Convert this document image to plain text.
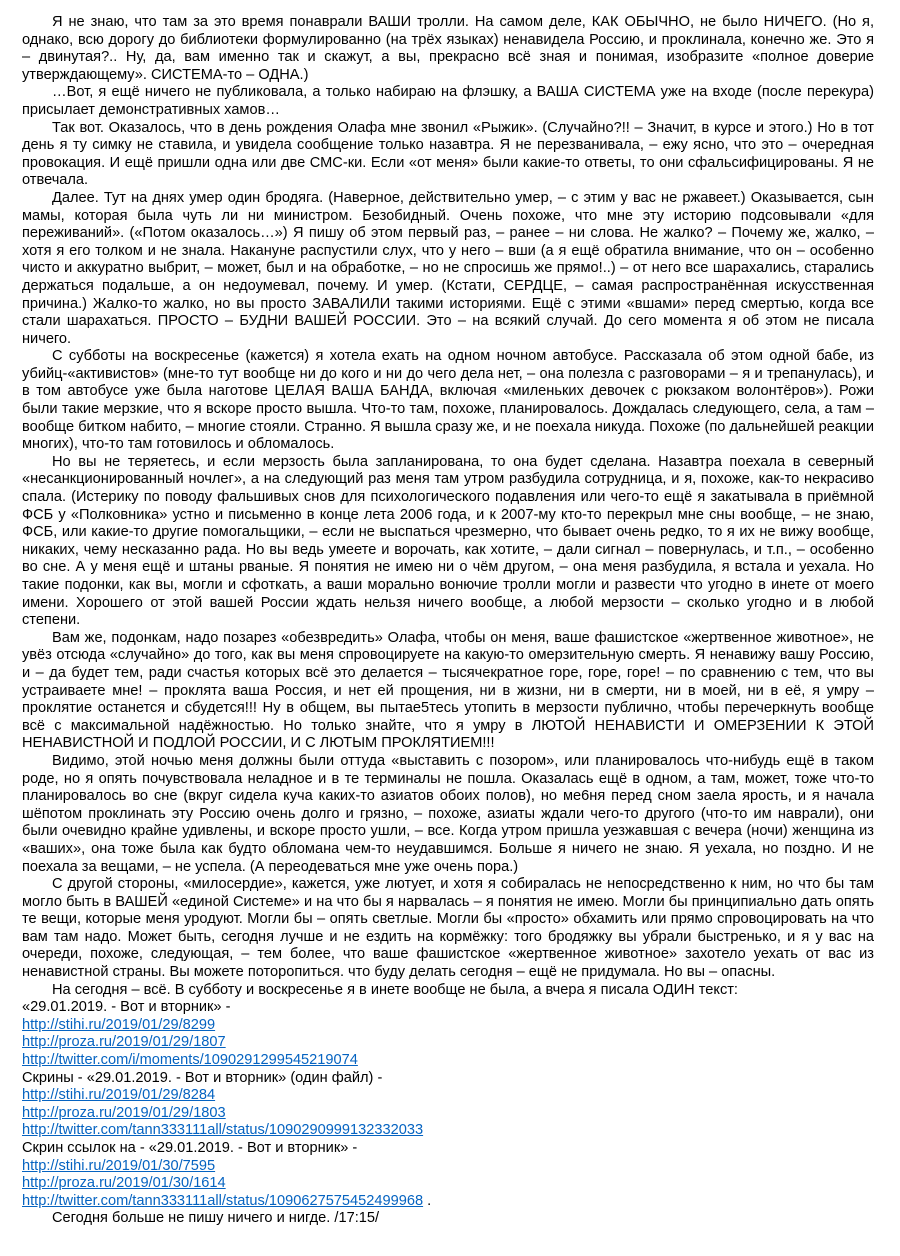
Я не знаю, что там за это время понаврали ВАШИ тролли. На самом деле, КАК ОБЫЧНО, не было НИЧЕГО. (Но я, однако, всю дорогу до библиотеки формулированно (на трёх языках) ненавидела Россию, и проклинала, конечно же. Это я – двинутая?.. Ну, да, вам именно так и скажут, а вы, прекрасно всё зная и понимая, изобразите «полное доверие утверждающему». СИСТЕМА-то – ОДНА.)

…Вот, я ещё ничего не публиковала, а только набираю на флэшку, а ВАША СИСТЕМА уже на входе (после перекура) присылает демонстративных хамов…

Так вот. Оказалось, что в день рождения Олафа мне звонил «Рыжик». (Случайно?!! – Значит, в курсе и этого.) Но в тот день я ту симку не ставила, и увидела сообщение только назавтра. Я не перезванивала, – ежу ясно, что это – очередная провокация. И ещё пришли одна или две СМС-ки. Если «от меня» были какие-то ответы, то они сфальсифицированы. Я не отвечала.

Далее. Тут на днях умер один бродяга. (Наверное, действительно умер, – с этим у вас не ржавеет.) Оказывается, сын мамы, которая была чуть ли ни министром. Безобидный. Очень похоже, что мне эту историю подсовывали «для переживаний». («Потом оказалось…») Я пишу об этом первый раз, – ранее – ни слова. Не жалко? – Почему же, жалко, – хотя я его толком и не знала. Накануне распустили слух, что у него – вши (а я ещё обратила внимание, что он – особенно чисто и аккуратно выбрит, – может, был и на обработке, – но не спросишь же прямо!..) – от него все шарахались, старались держаться подальше, а он недоумевал, почему. И умер. (Кстати, СЕРДЦЕ, – самая распространённая искусственная причина.) Жалко-то жалко, но вы просто ЗАВАЛИЛИ такими историями. Ещё с этими «вшами» перед смертью, когда все стали шарахаться. ПРОСТО – БУДНИ ВАШЕЙ РОССИИ. Это – на всякий случай. До сего момента я об этом не писала ничего.

С субботы на воскресенье (кажется) я хотела ехать на одном ночном автобусе. Рассказала об этом одной бабе, из убийц-«активистов» (мне-то тут вообще ни до кого и ни до чего дела нет, – она полезла с разговорами – я и трепанулась), и в том автобусе уже была наготове ЦЕЛАЯ ВАША БАНДА, включая «миленьких девочек с рюкзаком волонтёров»). Рожи были такие мерзкие, что я вскоре просто вышла. Что-то там, похоже, планировалось. Дождалась следующего, села, а там – вообще битком набито, – многие стояли. Странно. Я вышла сразу же, и не поехала никуда. Похоже (по дальнейшей реакции многих), что-то там готовилось и обломалось.

Но вы не теряетесь, и если мерзость была запланирована, то она будет сделана. Назавтра поехала в северный «несанкционированный ночлег», а на следующий раз меня там утром разбудила сотрудница, и я, похоже, как-то некрасиво спала. (Истерику по поводу фальшивых снов для психологического подавления или чего-то ещё я закатывала в приёмной ФСБ у «Полковника» устно и письменно в конце лета 2006 года, и к 2007-му кто-то перекрыл мне сны вообще, – не знаю, ФСБ, или какие-то другие помогальщики, – если не выспаться чрезмерно, что бывает очень редко, то я их не вижу вообще, никаких, чему несказанно рада. Но вы ведь умеете и ворочать, как хотите, – дали сигнал – повернулась, и т.п., – особенно во сне. А у меня ещё и штаны рваные. Я понятия не имею ни о чём другом, – она меня разбудила, я встала и уехала. Но такие подонки, как вы, могли и сфоткать, а ваши морально вонючие тролли могли и развести что угодно в инете от моего имени. Хорошего от этой вашей России ждать нельзя ничего вообще, а любой мерзости – сколько угодно и в любой степени.

Вам же, подонкам, надо позарез «обезвредить» Олафа, чтобы он меня, ваше фашистское «жертвенное животное», не увёз отсюда «случайно» до того, как вы меня спровоцируете на какую-то омерзительную смерть. Я ненавижу вашу Россию, и – да будет тем, ради счастья которых всё это делается – тысячекратное горе, горе, горе! – по сравнению с тем, что вы устраиваете мне! – проклята ваша Россия, и нет ей прощения, ни в жизни, ни в смерти, ни в моей, ни в её, я умру – проклятие останется и сбудется!!! Ну в общем, вы пытае5тесь утопить в мерзости публично, чтобы перечеркнуть вообще всё с максимальной надёжностью. Но только знайте, что я умру в ЛЮТОЙ НЕНАВИСТИ И ОМЕРЗЕНИИ К ЭТОЙ НЕНАВИСТНОЙ И ПОДЛОЙ РОССИИ, И С ЛЮТЫМ ПРОКЛЯТИЕМ!!!

Видимо, этой ночью меня должны были оттуда «выставить с позором», или планировалось что-нибудь ещё в таком роде, но я опять почувствовала неладное и в те терминалы не пошла. Оказалась ещё в одном, а там, может, тоже что-то планировалось во сне (вкруг сидела куча каких-то азиатов обоих полов), но ме6ня перед сном заела ярость, и я начала шёпотом проклинать эту Россию очень долго и грязно, – похоже, азиаты ждали чего-то другого (что-то им наврали), они были очевидно крайне удивлены, и вскоре просто ушли, – все. Когда утром пришла уезжавшая с вечера (ночи) женщина из «ваших», она тоже была как будто обломана чем-то неудавшимся. Больше я ничего не знаю. Я уехала, но поздно. И не поехала за вещами, – не успела. (А переодеваться мне уже очень пора.)

С другой стороны, «милосердие», кажется, уже лютует, и хотя я собиралась не непосредственно к ним, но что бы там могло быть в ВАШЕЙ «единой Системе» и на что бы я нарвалась – я понятия не имею. Могли бы принципиально дать опять те вещи, которые меня уродуют. Могли бы – опять светлые. Могли бы «просто» обхамить или прямо спровоцировать на что вам там надо. Может быть, сегодня лучше и не ездить на кормёжку: того бродяжку вы убрали быстренько, и я у вас на очереди, похоже, следующая, – тем более, что ваше фашистское «жертвенное животное» захотело уехать от вас из ненавистной страны. Вы можете поторопиться. что буду делать сегодня – ещё не придумала. Но вы – опасны.

На сегодня – всё. В субботу и воскресенье я в инете вообще не была, а вчера я писала ОДИН текст:

«29.01.2019. - Вот и вторник» -

http://stihi.ru/2019/01/29/8299

http://proza.ru/2019/01/29/1807

http://twitter.com/i/moments/1090291299545219074

Скрины - «29.01.2019. - Вот и вторник» (один файл) -

http://stihi.ru/2019/01/29/8284

http://proza.ru/2019/01/29/1803

http://twitter.com/tann333111all/status/1090290999132332033

Скрин ссылок на - «29.01.2019. - Вот и вторник» -

http://stihi.ru/2019/01/30/7595

http://proza.ru/2019/01/30/1614

http://twitter.com/tann333111all/status/1090627575452499968 .

Сегодня больше не пишу ничего и нигде. /17:15/
